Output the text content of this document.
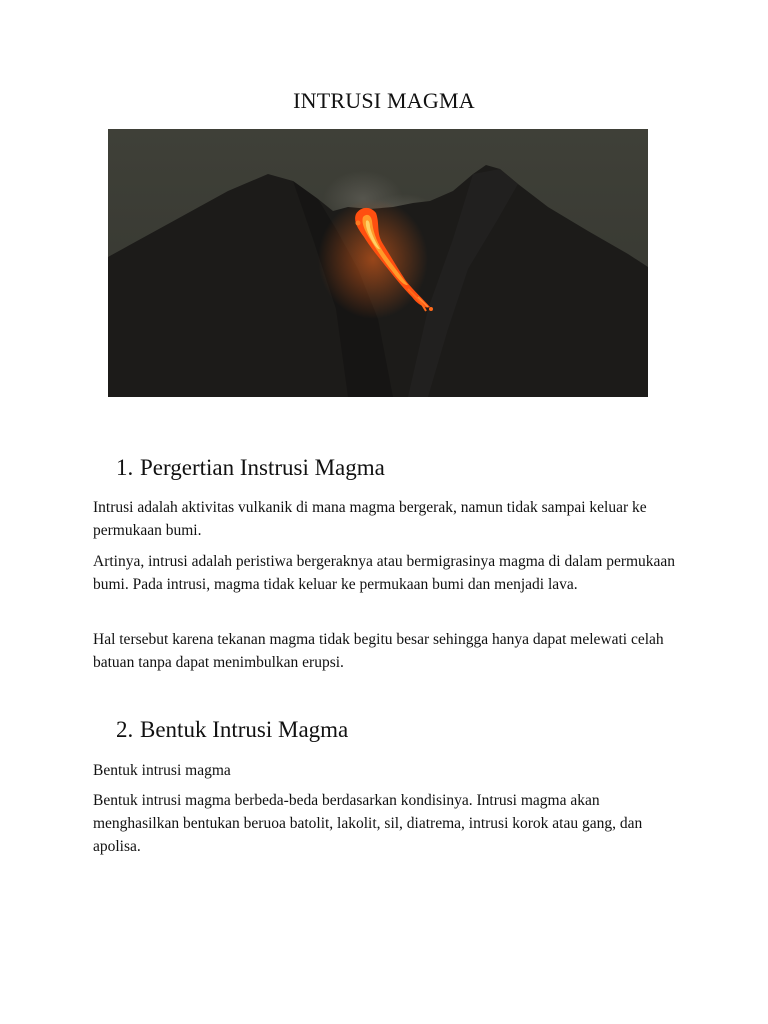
INTRUSI MAGMA
1. Pergertian Instrusi Magma

Intrusi adalah aktivitas vulkanik di mana magma bergerak, namun tidak sampai keluar ke permukaan bumi.

Artinya, intrusi adalah peristiwa bergeraknya atau bermigrasinya magma di dalam permukaan bumi. Pada intrusi, magma tidak keluar ke permukaan bumi dan menjadi lava.

Hal tersebut karena tekanan magma tidak begitu besar sehingga hanya dapat melewati celah batuan tanpa dapat menimbulkan erupsi.

2. Bentuk Intrusi Magma

Bentuk intrusi magma

Bentuk intrusi magma berbeda-beda berdasarkan kondisinya. Intrusi magma akan menghasilkan bentukan beruoa batolit, lakolit, sil, diatrema, intrusi korok atau gang, dan apolisa.
